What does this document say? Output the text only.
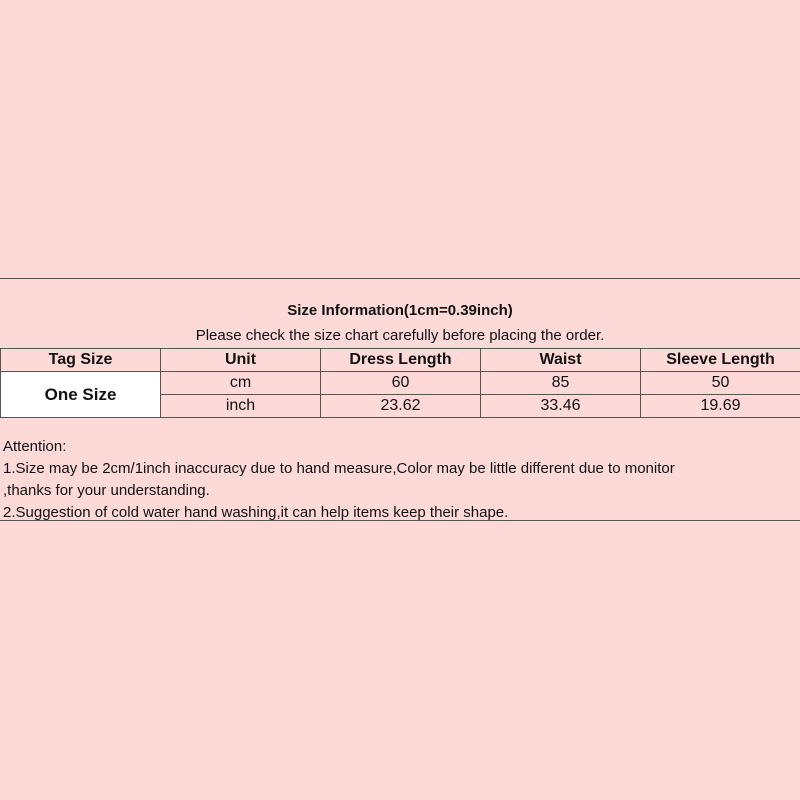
Size Information(1cm=0.39inch)
Please check the size chart carefully before placing the order.
Tag Size	Unit	Dress Length	Waist	Sleeve Length
One Size	cm	60	85	50
	inch	23.62	33.46	19.69
Attention:
1.Size may be 2cm/1inch inaccuracy due to hand measure,Color may be little different due to monitor
,thanks for your understanding.
2.Suggestion of cold water hand washing,it can help items keep their shape.
